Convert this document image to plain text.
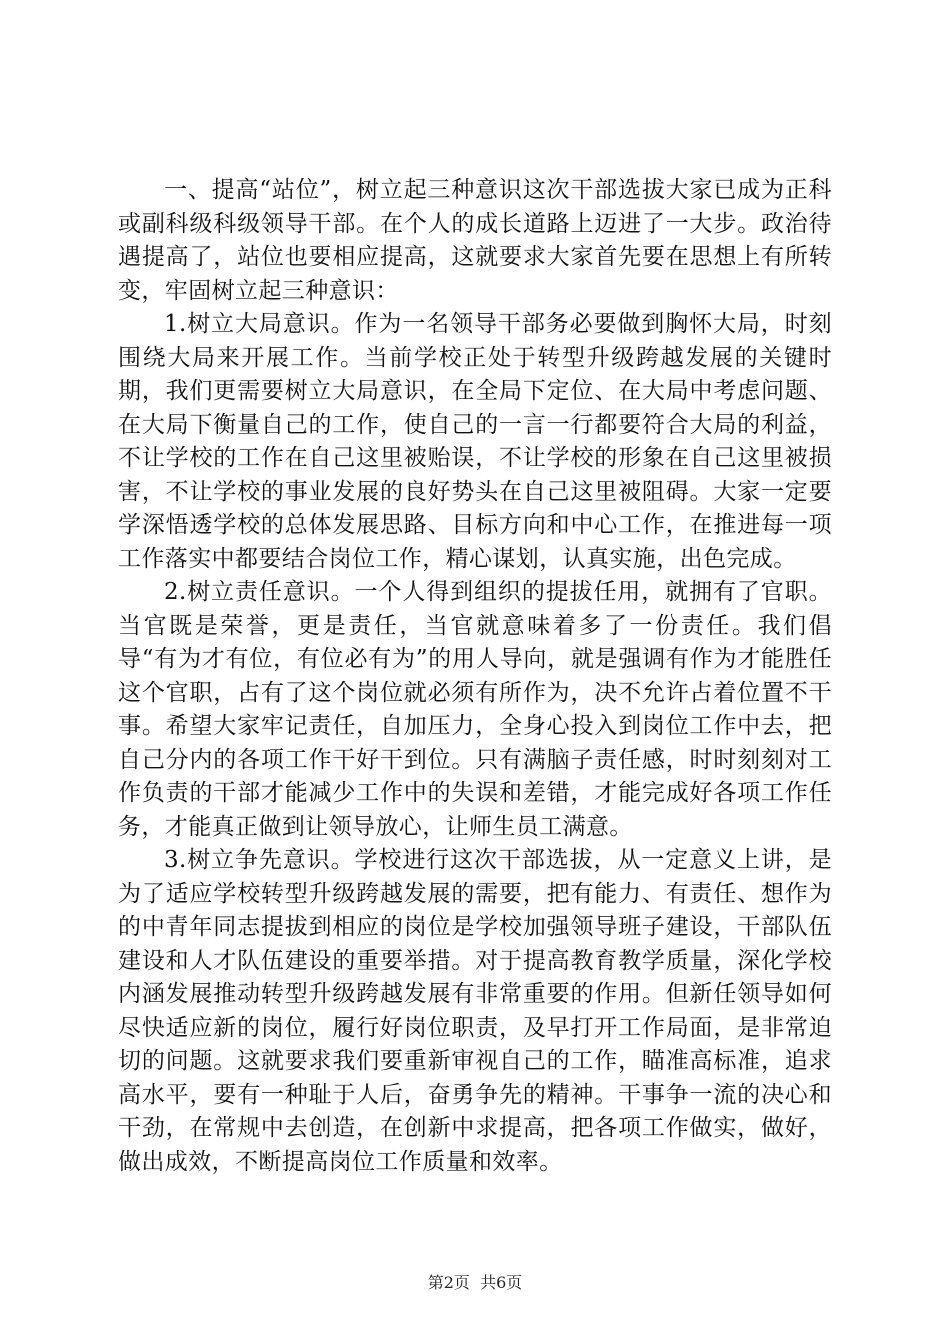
一、提高“站位”，树立起三种意识这次干部选拔大家已成为正科或副科级科级领导干部。在个人的成长道路上迈进了一大步。政治待遇提高了，站位也要相应提高，这就要求大家首先要在思想上有所转变，牢固树立起三种意识：

1.树立大局意识。作为一名领导干部务必要做到胸怀大局，时刻围绕大局来开展工作。当前学校正处于转型升级跨越发展的关键时期，我们更需要树立大局意识，在全局下定位、在大局中考虑问题、在大局下衡量自己的工作，使自己的一言一行都要符合大局的利益，不让学校的工作在自己这里被贻误，不让学校的形象在自己这里被损害，不让学校的事业发展的良好势头在自己这里被阻碍。大家一定要学深悟透学校的总体发展思路、目标方向和中心工作，在推进每一项工作落实中都要结合岗位工作，精心谋划，认真实施，出色完成。

2.树立责任意识。一个人得到组织的提拔任用，就拥有了官职。当官既是荣誉，更是责任，当官就意味着多了一份责任。我们倡导“有为才有位，有位必有为”的用人导向，就是强调有作为才能胜任这个官职，占有了这个岗位就必须有所作为，决不允许占着位置不干事。希望大家牢记责任，自加压力，全身心投入到岗位工作中去，把自己分内的各项工作干好干到位。只有满脑子责任感，时时刻刻对工作负责的干部才能减少工作中的失误和差错，才能完成好各项工作任务，才能真正做到让领导放心，让师生员工满意。

3.树立争先意识。学校进行这次干部选拔，从一定意义上讲，是为了适应学校转型升级跨越发展的需要，把有能力、有责任、想作为的中青年同志提拔到相应的岗位是学校加强领导班子建设，干部队伍建设和人才队伍建设的重要举措。对于提高教育教学质量，深化学校内涵发展推动转型升级跨越发展有非常重要的作用。但新任领导如何尽快适应新的岗位，履行好岗位职责，及早打开工作局面，是非常迫切的问题。这就要求我们要重新审视自己的工作，瞄准高标准，追求高水平，要有一种耻于人后，奋勇争先的精神。干事争一流的决心和干劲，在常规中去创造，在创新中求提高，把各项工作做实，做好，做出成效，不断提高岗位工作质量和效率。

第2页  共6页
